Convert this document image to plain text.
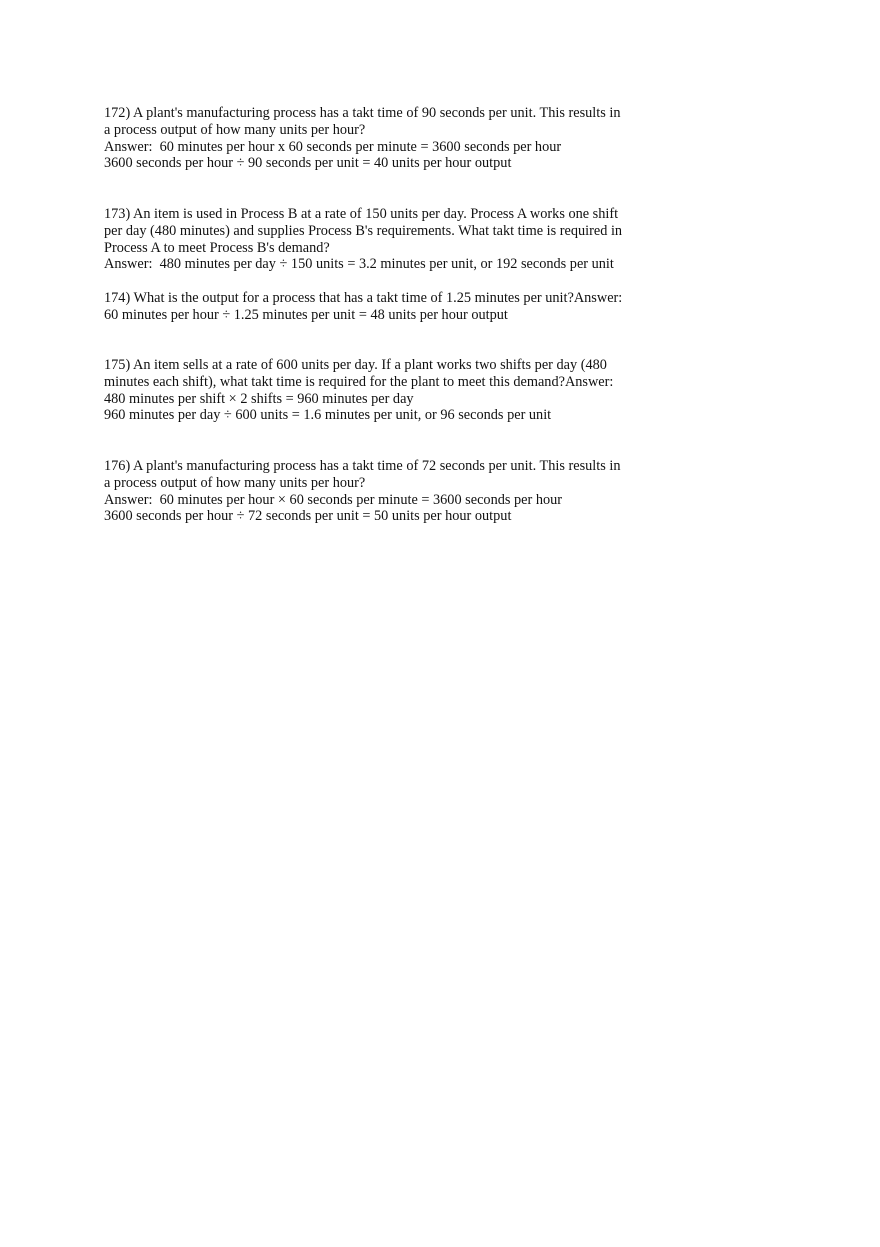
172) A plant's manufacturing process has a takt time of 90 seconds per unit. This results in
a process output of how many units per hour?
Answer:  60 minutes per hour x 60 seconds per minute = 3600 seconds per hour
3600 seconds per hour ÷ 90 seconds per unit = 40 units per hour output
173) An item is used in Process B at a rate of 150 units per day. Process A works one shift
per day (480 minutes) and supplies Process B's requirements. What takt time is required in
Process A to meet Process B's demand?
Answer:  480 minutes per day ÷ 150 units = 3.2 minutes per unit, or 192 seconds per unit
174) What is the output for a process that has a takt time of 1.25 minutes per unit?Answer:
60 minutes per hour ÷ 1.25 minutes per unit = 48 units per hour output
175) An item sells at a rate of 600 units per day. If a plant works two shifts per day (480
minutes each shift), what takt time is required for the plant to meet this demand?Answer:
480 minutes per shift × 2 shifts = 960 minutes per day
960 minutes per day ÷ 600 units = 1.6 minutes per unit, or 96 seconds per unit
176) A plant's manufacturing process has a takt time of 72 seconds per unit. This results in
a process output of how many units per hour?
Answer:  60 minutes per hour × 60 seconds per minute = 3600 seconds per hour
3600 seconds per hour ÷ 72 seconds per unit = 50 units per hour output
